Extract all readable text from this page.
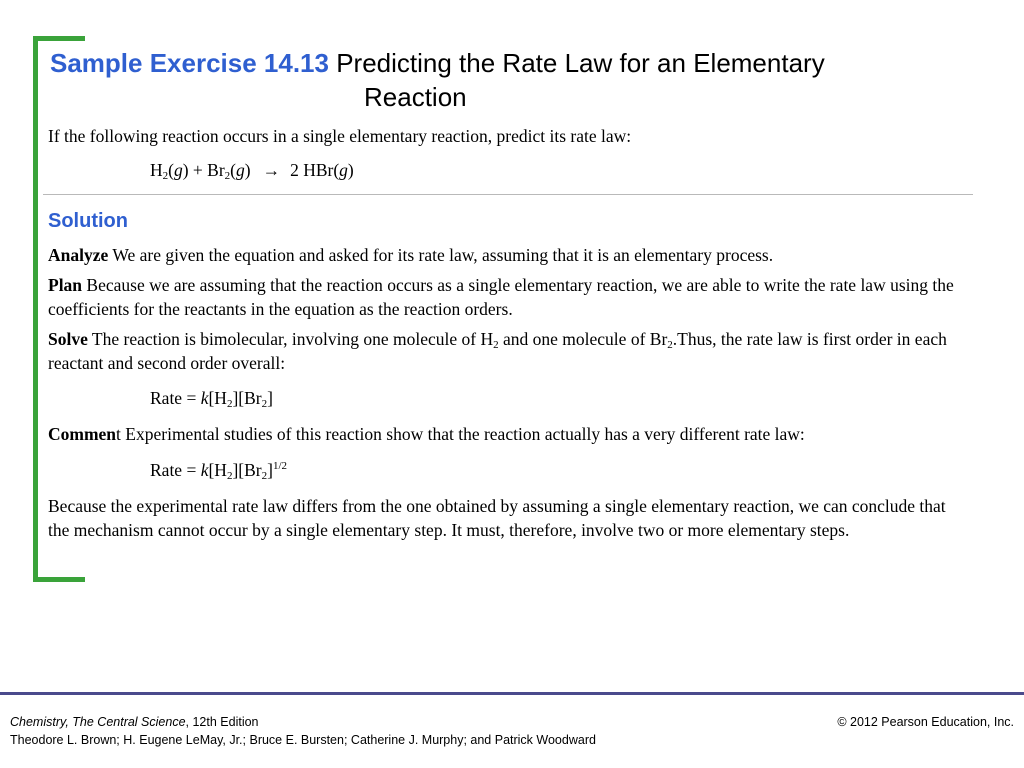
Sample Exercise 14.13 Predicting the Rate Law for an Elementary
Reaction
If the following reaction occurs in a single elementary reaction, predict its rate law:
$H_2(g) + Br_2(g) \to 2$ HBr(g)
Solution
Analyze We are given the equation and asked for its rate law, assuming that it is an elementary process.
Plan Because we are assuming that the reaction occurs as a single elementary reaction, we are able to write the rate law using the coefficients for the reactants in the equation as the reaction orders.
Solve The reaction is bimolecular, involving one molecule of $H_2$ and one molecule of $Br_2.Thus$, the rate law is first order in each reactant and second order overall:
Rate = $k[H_2][Br_2]$
Comment Experimental studies of this reaction show that the reaction actually has a very different rate law:
Rate = $k[H_2][Br_2]^{1/2}$
Because the experimental rate law differs from the one obtained by assuming a single elementary reaction, we can conclude that the mechanism cannot occur by a single elementary step. It must, therefore, involve two or more elementary steps.
Chemistry, The Central Science, 12th Edition
Theodore L. Brown; H. Eugene LeMay, Jr.; Bruce E. Bursten; Catherine J. Murphy; and Patrick Woodward
© 2012 Pearson Education, Inc.
